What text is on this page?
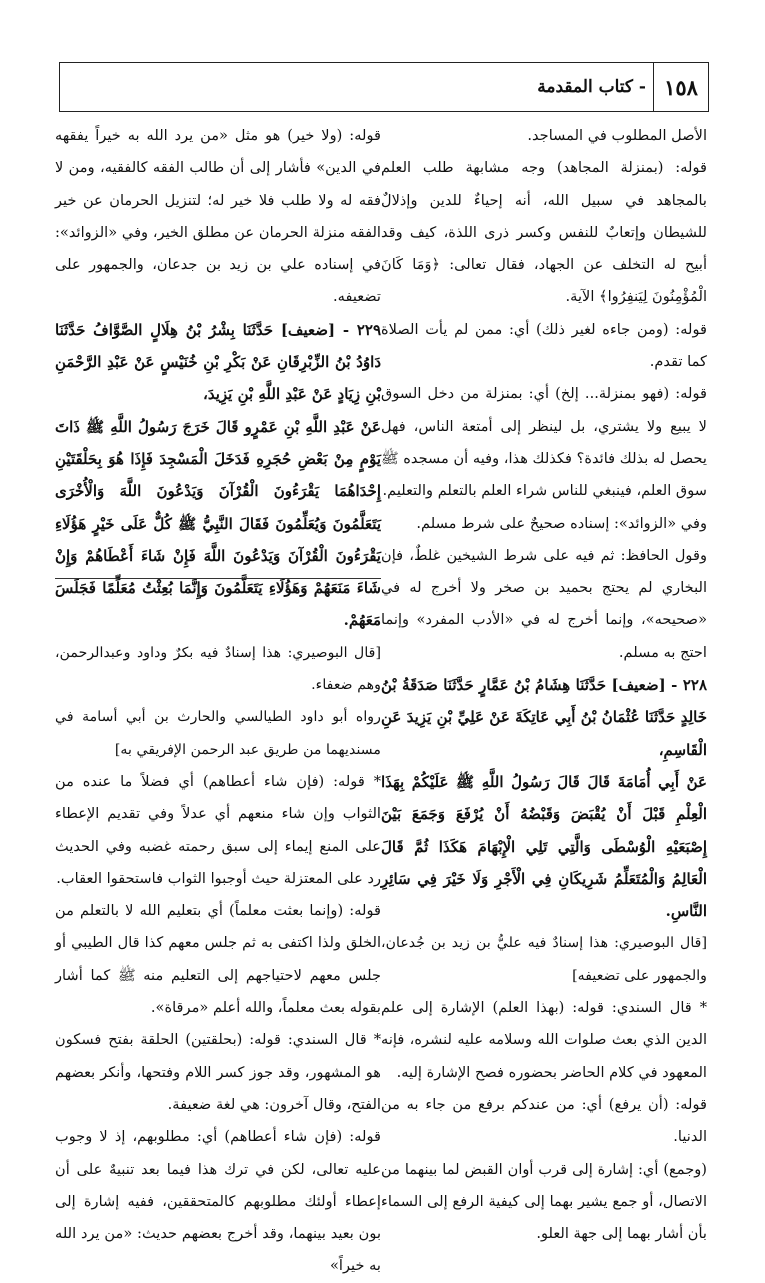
١٥٨
- كتاب المقدمة

الأصل المطلوب في المساجد.

قوله: (بمنزلة المجاهد) وجه مشابهة طلب العلم بالمجاهد في سبيل الله، أنه إحياءٌ للدين وإذلالٌ للشيطان وإتعابٌ للنفس وكسر ذرى اللذة، كيف وقد أبيح له التخلف عن الجهاد، فقال تعالى: ﴿وَمَا كَانَ الْمُؤْمِنُونَ لِيَنفِرُوا﴾ الآية.

قوله: (ومن جاءه لغير ذلك) أي: ممن لم يأت الصلاة كما تقدم.

قوله: (فهو بمنزلة... إلخ) أي: بمنزلة من دخل السوق لا يبيع ولا يشتري، بل لينظر إلى أمتعة الناس، فهل يحصل له بذلك فائدة؟ فكذلك هذا، وفيه أن مسجده ﷺ سوق العلم، فينبغي للناس شراء العلم بالتعلم والتعليم.

وفي «الزوائد»: إسناده صحيحٌ على شرط مسلم.

وقول الحافظ: ثم فيه على شرط الشيخين غلطٌ، فإن البخاري لم يحتج بحميد بن صخر ولا أخرج له في «صحيحه»، وإنما أخرج له في «الأدب المفرد» وإنما احتج به مسلم.

٢٢٨ - [ضعيف] حَدَّثَنَا هِشَامُ بْنُ عَمَّارٍ حَدَّثَنَا صَدَقَةُ بْنُ خَالِدٍ حَدَّثَنَا عُثْمَانُ بْنُ أَبِي عَاتِكَةَ عَنْ عَلِيِّ بْنِ يَزِيدَ عَنِ الْقَاسِمِ،

عَنْ أَبِي أُمَامَةَ قَالَ قَالَ رَسُولُ اللَّهِ ﷺ عَلَيْكُمْ بِهَذَا الْعِلْمِ قَبْلَ أَنْ يُقْبَضَ وَقَبْضُهُ أَنْ يُرْفَعَ وَجَمَعَ بَيْنَ إِصْبَعَيْهِ الْوُسْطَى وَالَّتِي تَلِي الْإِبْهَامَ هَكَذَا ثُمَّ قَالَ الْعَالِمُ وَالْمُتَعَلِّمُ شَرِيكَانِ فِي الْأَجْرِ وَلَا خَيْرَ فِي سَائِرِ النَّاسِ.

[قال البوصيري: هذا إسنادٌ فيه عليُّ بن زيد بن جُدعان، والجمهور على تضعيفه]

* قال السندي: قوله: (بهذا العلم) الإشارة إلى علم الدين الذي بعث صلوات الله وسلامه عليه لنشره، فإنه المعهود في كلام الحاضر بحضوره فصح الإشارة إليه.

قوله: (أن يرفع) أي: من عندكم برفع من جاء به من الدنيا.

(وجمع) أي: إشارة إلى قرب أوان القبض لما بينهما من الاتصال، أو جمع يشير بهما إلى كيفية الرفع إلى السماء بأن أشار بهما إلى جهة العلو.

قوله: (ولا خير) هو مثل «من يرد الله به خيراً يفقهه في الدين» فأشار إلى أن طالب الفقه كالفقيه، ومن لا فقه له ولا طلب فلا خير له؛ لتنزيل الحرمان عن خير الفقه منزلة الحرمان عن مطلق الخير، وفي «الزوائد»: في إسناده علي بن زيد بن جدعان، والجمهور على تضعيفه.

٢٢٩ - [ضعيف] حَدَّثَنَا بِشْرُ بْنُ هِلَالٍ الصَّوَّافُ حَدَّثَنَا دَاوُدُ بْنُ الزِّبْرِقَانِ عَنْ بَكْرِ بْنِ خُنَيْسٍ عَنْ عَبْدِ الرَّحْمَنِ بْنِ زِيَادٍ عَنْ عَبْدِ اللَّهِ بْنِ يَزِيدَ،

عَنْ عَبْدِ اللَّهِ بْنِ عَمْرٍو قَالَ خَرَجَ رَسُولُ اللَّهِ ﷺ ذَاتَ يَوْمٍ مِنْ بَعْضِ حُجَرِهِ فَدَخَلَ الْمَسْجِدَ فَإِذَا هُوَ بِحَلْقَتَيْنِ إِحْدَاهُمَا يَقْرَءُونَ الْقُرْآنَ وَيَدْعُونَ اللَّهَ وَالْأُخْرَى يَتَعَلَّمُونَ وَيُعَلِّمُونَ فَقَالَ النَّبِيُّ ﷺ كُلٌّ عَلَى خَيْرٍ هَؤُلَاءِ يَقْرَءُونَ الْقُرْآنَ وَيَدْعُونَ اللَّهَ فَإِنْ شَاءَ أَعْطَاهُمْ وَإِنْ شَاءَ مَنَعَهُمْ وَهَؤُلَاءِ يَتَعَلَّمُونَ وَإِنَّمَا بُعِثْتُ مُعَلِّمًا فَجَلَسَ مَعَهُمْ.

[قال البوصيري: هذا إسنادٌ فيه بكرٌ وداود وعبدالرحمن، وهم ضعفاء.

رواه أبو داود الطيالسي والحارث بن أبي أسامة في مسنديهما من طريق عبد الرحمن الإفريقي به]

* قوله: (فإن شاء أعطاهم) أي فضلاً ما عنده من الثواب وإن شاء منعهم أي عدلاً وفي تقديم الإعطاء على المنع إيماء إلى سبق رحمته غضبه وفي الحديث رد على المعتزلة حيث أوجبوا الثواب فاستحقوا العقاب.

قوله: (وإنما بعثت معلماً) أي بتعليم الله لا بالتعلم من الخلق ولذا اكتفى به ثم جلس معهم كذا قال الطيبي أو جلس معهم لاحتياجهم إلى التعليم منه ﷺ كما أشار بقوله بعث معلماً، والله أعلم «مرقاة».

* قال السندي: قوله: (بحلقتين) الحلقة بفتح فسكون هو المشهور، وقد جوز كسر اللام وفتحها، وأنكر بعضهم الفتح، وقال آخرون: هي لغة ضعيفة.

قوله: (فإن شاء أعطاهم) أي: مطلوبهم، إذ لا وجوب عليه تعالى، لكن في ترك هذا فيما بعد تنبيهٌ على أن إعطاء أولئك مطلوبهم كالمتحققين، ففيه إشارة إلى بون بعيد بينهما، وقد أخرج بعضهم حديث: «من يرد الله به خيراً»
